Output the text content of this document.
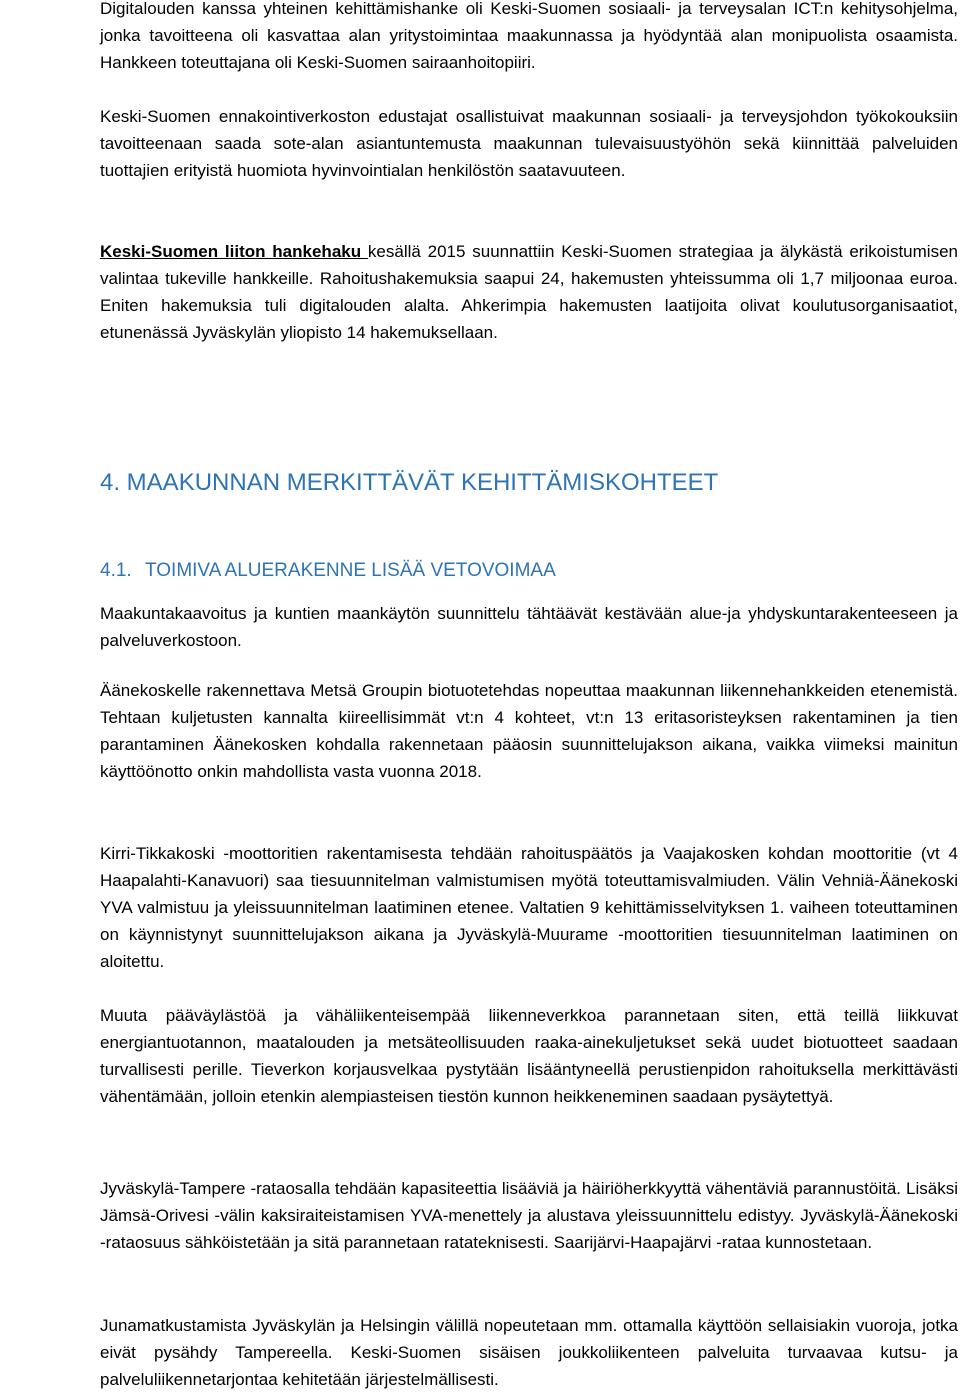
Digitalouden kanssa yhteinen kehittämishanke oli Keski-Suomen sosiaali- ja terveysalan ICT:n kehitysohjelma, jonka tavoitteena oli kasvattaa alan yritystoimintaa maakunnassa ja hyödyntää alan monipuolista osaamista. Hankkeen toteuttajana oli Keski-Suomen sairaanhoitopiiri.

Keski-Suomen ennakointiverkoston edustajat osallistuivat maakunnan sosiaali- ja terveysjohdon työkokouksiin tavoitteenaan saada sote-alan asiantuntemusta maakunnan tulevaisuustyöhön sekä kiinnittää palveluiden tuottajien erityistä huomiota hyvinvointialan henkilöstön saatavuuteen.

Keski-Suomen liiton hankehaku kesällä 2015 suunnattiin Keski-Suomen strategiaa ja älykästä erikoistumisen valintaa tukeville hankkeille. Rahoitushakemuksia saapui 24, hakemusten yhteissumma oli 1,7 miljoonaa euroa. Eniten hakemuksia tuli digitalouden alalta. Ahkerimpia hakemusten laatijoita olivat koulutusorganisaatiot, etunenässä Jyväskylän yliopisto 14 hakemuksellaan.

4. MAAKUNNAN MERKITTÄVÄT KEHITTÄMISKOHTEET
4.1. TOIMIVA ALUERAKENNE LISÄÄ VETOVOIMAA

Maakuntakaavoitus ja kuntien maankäytön suunnittelu tähtäävät kestävään alue-ja yhdyskuntarakenteeseen ja palveluverkostoon.

Äänekoskelle rakennettava Metsä Groupin biotuotetehdas nopeuttaa maakunnan liikennehankkeiden etenemistä. Tehtaan kuljetusten kannalta kiireellisimmät vt:n 4 kohteet, vt:n 13 eritasoristeyksen rakentaminen ja tien parantaminen Äänekosken kohdalla rakennetaan pääosin suunnittelujakson aikana, vaikka viimeksi mainitun käyttöönotto onkin mahdollista vasta vuonna 2018.

Kirri-Tikkakoski -moottoritien rakentamisesta tehdään rahoituspäätös ja Vaajakosken kohdan moottoritie (vt 4 Haapalahti-Kanavuori) saa tiesuunnitelman valmistumisen myötä toteuttamisvalmiuden. Välin Vehniä-Äänekoski YVA valmistuu ja yleissuunnitelman laatiminen etenee. Valtatien 9 kehittämisselvityksen 1. vaiheen toteuttaminen on käynnistynyt suunnittelujakson aikana ja Jyväskylä-Muurame -moottoritien tiesuunnitelman laatiminen on aloitettu.

Muuta pääväylästöä ja vähäliikenteisempää liikenneverkkoa parannetaan siten, että teillä liikkuvat energiantuotannon, maatalouden ja metsäteollisuuden raaka-ainekuljetukset sekä uudet biotuotteet saadaan turvallisesti perille. Tieverkon korjausvelkaa pystytään lisääntyneellä perustienpidon rahoituksella merkittävästi vähentämään, jolloin etenkin alempiasteisen tiestön kunnon heikkeneminen saadaan pysäytettyä.

Jyväskylä-Tampere -rataosalla tehdään kapasiteettia lisääviä ja häiriöherkkyyttä vähentäviä parannustöitä. Lisäksi Jämsä-Orivesi -välin kaksiraiteistamisen YVA-menettely ja alustava yleissuunnittelu edistyy. Jyväskylä-Äänekoski -rataosuus sähköistetään ja sitä parannetaan ratateknisesti. Saarijärvi-Haapajärvi -rataa kunnostetaan.

Junamatkustamista Jyväskylän ja Helsingin välillä nopeutetaan mm. ottamalla käyttöön sellaisiakin vuoroja, jotka eivät pysähdy Tampereella. Keski-Suomen sisäisen joukkoliikenteen palveluita turvaavaa kutsu- ja palveluliikennetarjontaa kehitetään järjestelmällisesti.
